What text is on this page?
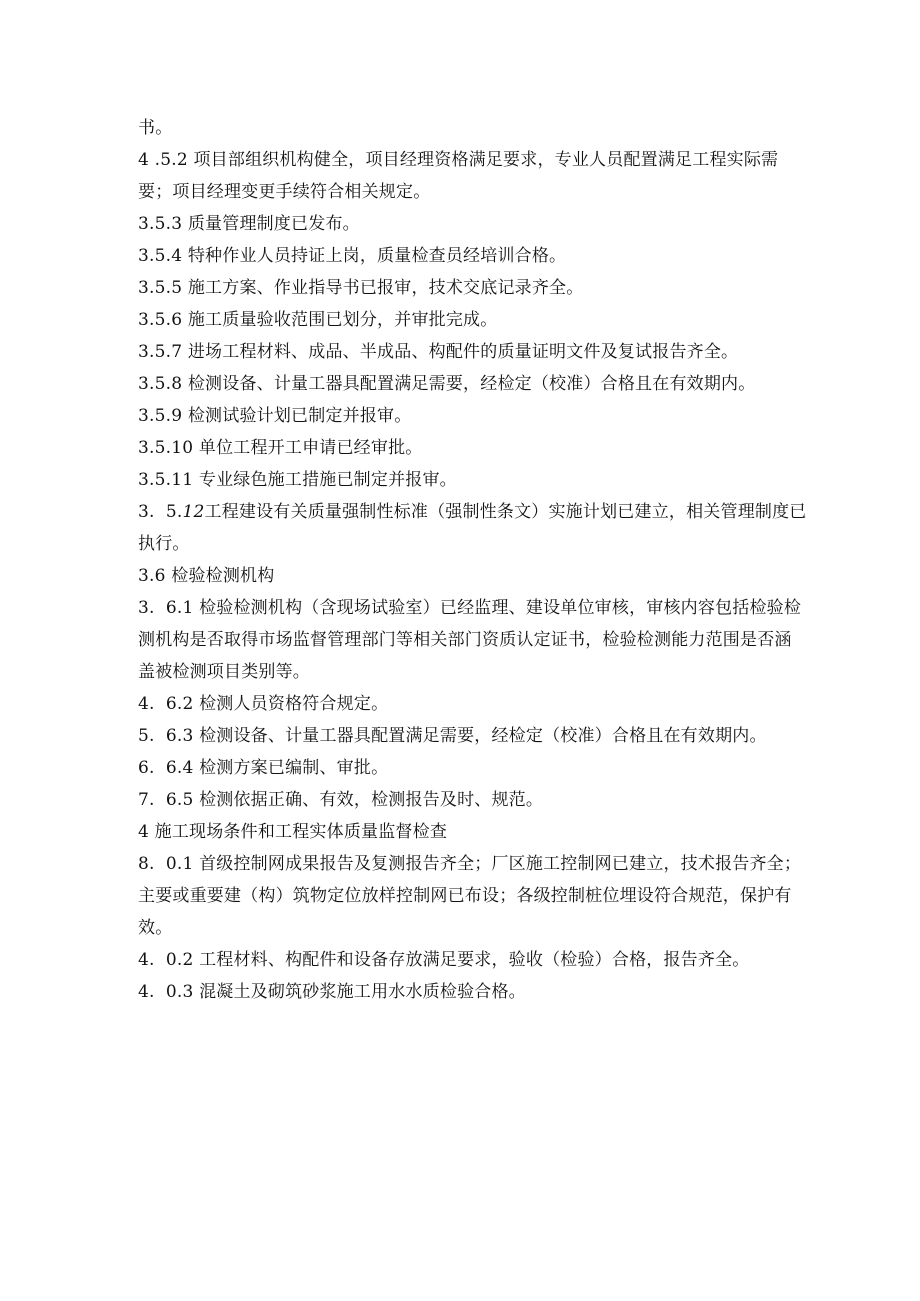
书。

4 .5.2 项目部组织机构健全，项目经理资格满足要求，专业人员配置满足工程实际需要；项目经理变更手续符合相关规定。

3.5.3 质量管理制度已发布。

3.5.4 特种作业人员持证上岗，质量检查员经培训合格。

3.5.5 施工方案、作业指导书已报审，技术交底记录齐全。

3.5.6 施工质量验收范围已划分，并审批完成。

3.5.7 进场工程材料、成品、半成品、构配件的质量证明文件及复试报告齐全。

3.5.8 检测设备、计量工器具配置满足需要，经检定（校准）合格且在有效期内。

3.5.9 检测试验计划已制定并报审。

3.5.10 单位工程开工申请已经审批。

3.5.11 专业绿色施工措施已制定并报审。

3.  5.12工程建设有关质量强制性标准（强制性条文）实施计划已建立，相关管理制度已执行。

3.6 检验检测机构

3.  6.1 检验检测机构（含现场试验室）已经监理、建设单位审核，审核内容包括检验检测机构是否取得市场监督管理部门等相关部门资质认定证书，检验检测能力范围是否涵盖被检测项目类别等。

4.  6.2 检测人员资格符合规定。

5.  6.3 检测设备、计量工器具配置满足需要，经检定（校准）合格且在有效期内。

6.  6.4 检测方案已编制、审批。

7.  6.5 检测依据正确、有效，检测报告及时、规范。

4 施工现场条件和工程实体质量监督检查

8.  0.1 首级控制网成果报告及复测报告齐全；厂区施工控制网已建立，技术报告齐全；主要或重要建（构）筑物定位放样控制网已布设；各级控制桩位埋设符合规范，保护有效。

4.  0.2 工程材料、构配件和设备存放满足要求，验收（检验）合格，报告齐全。

4.  0.3 混凝土及砌筑砂浆施工用水水质检验合格。
